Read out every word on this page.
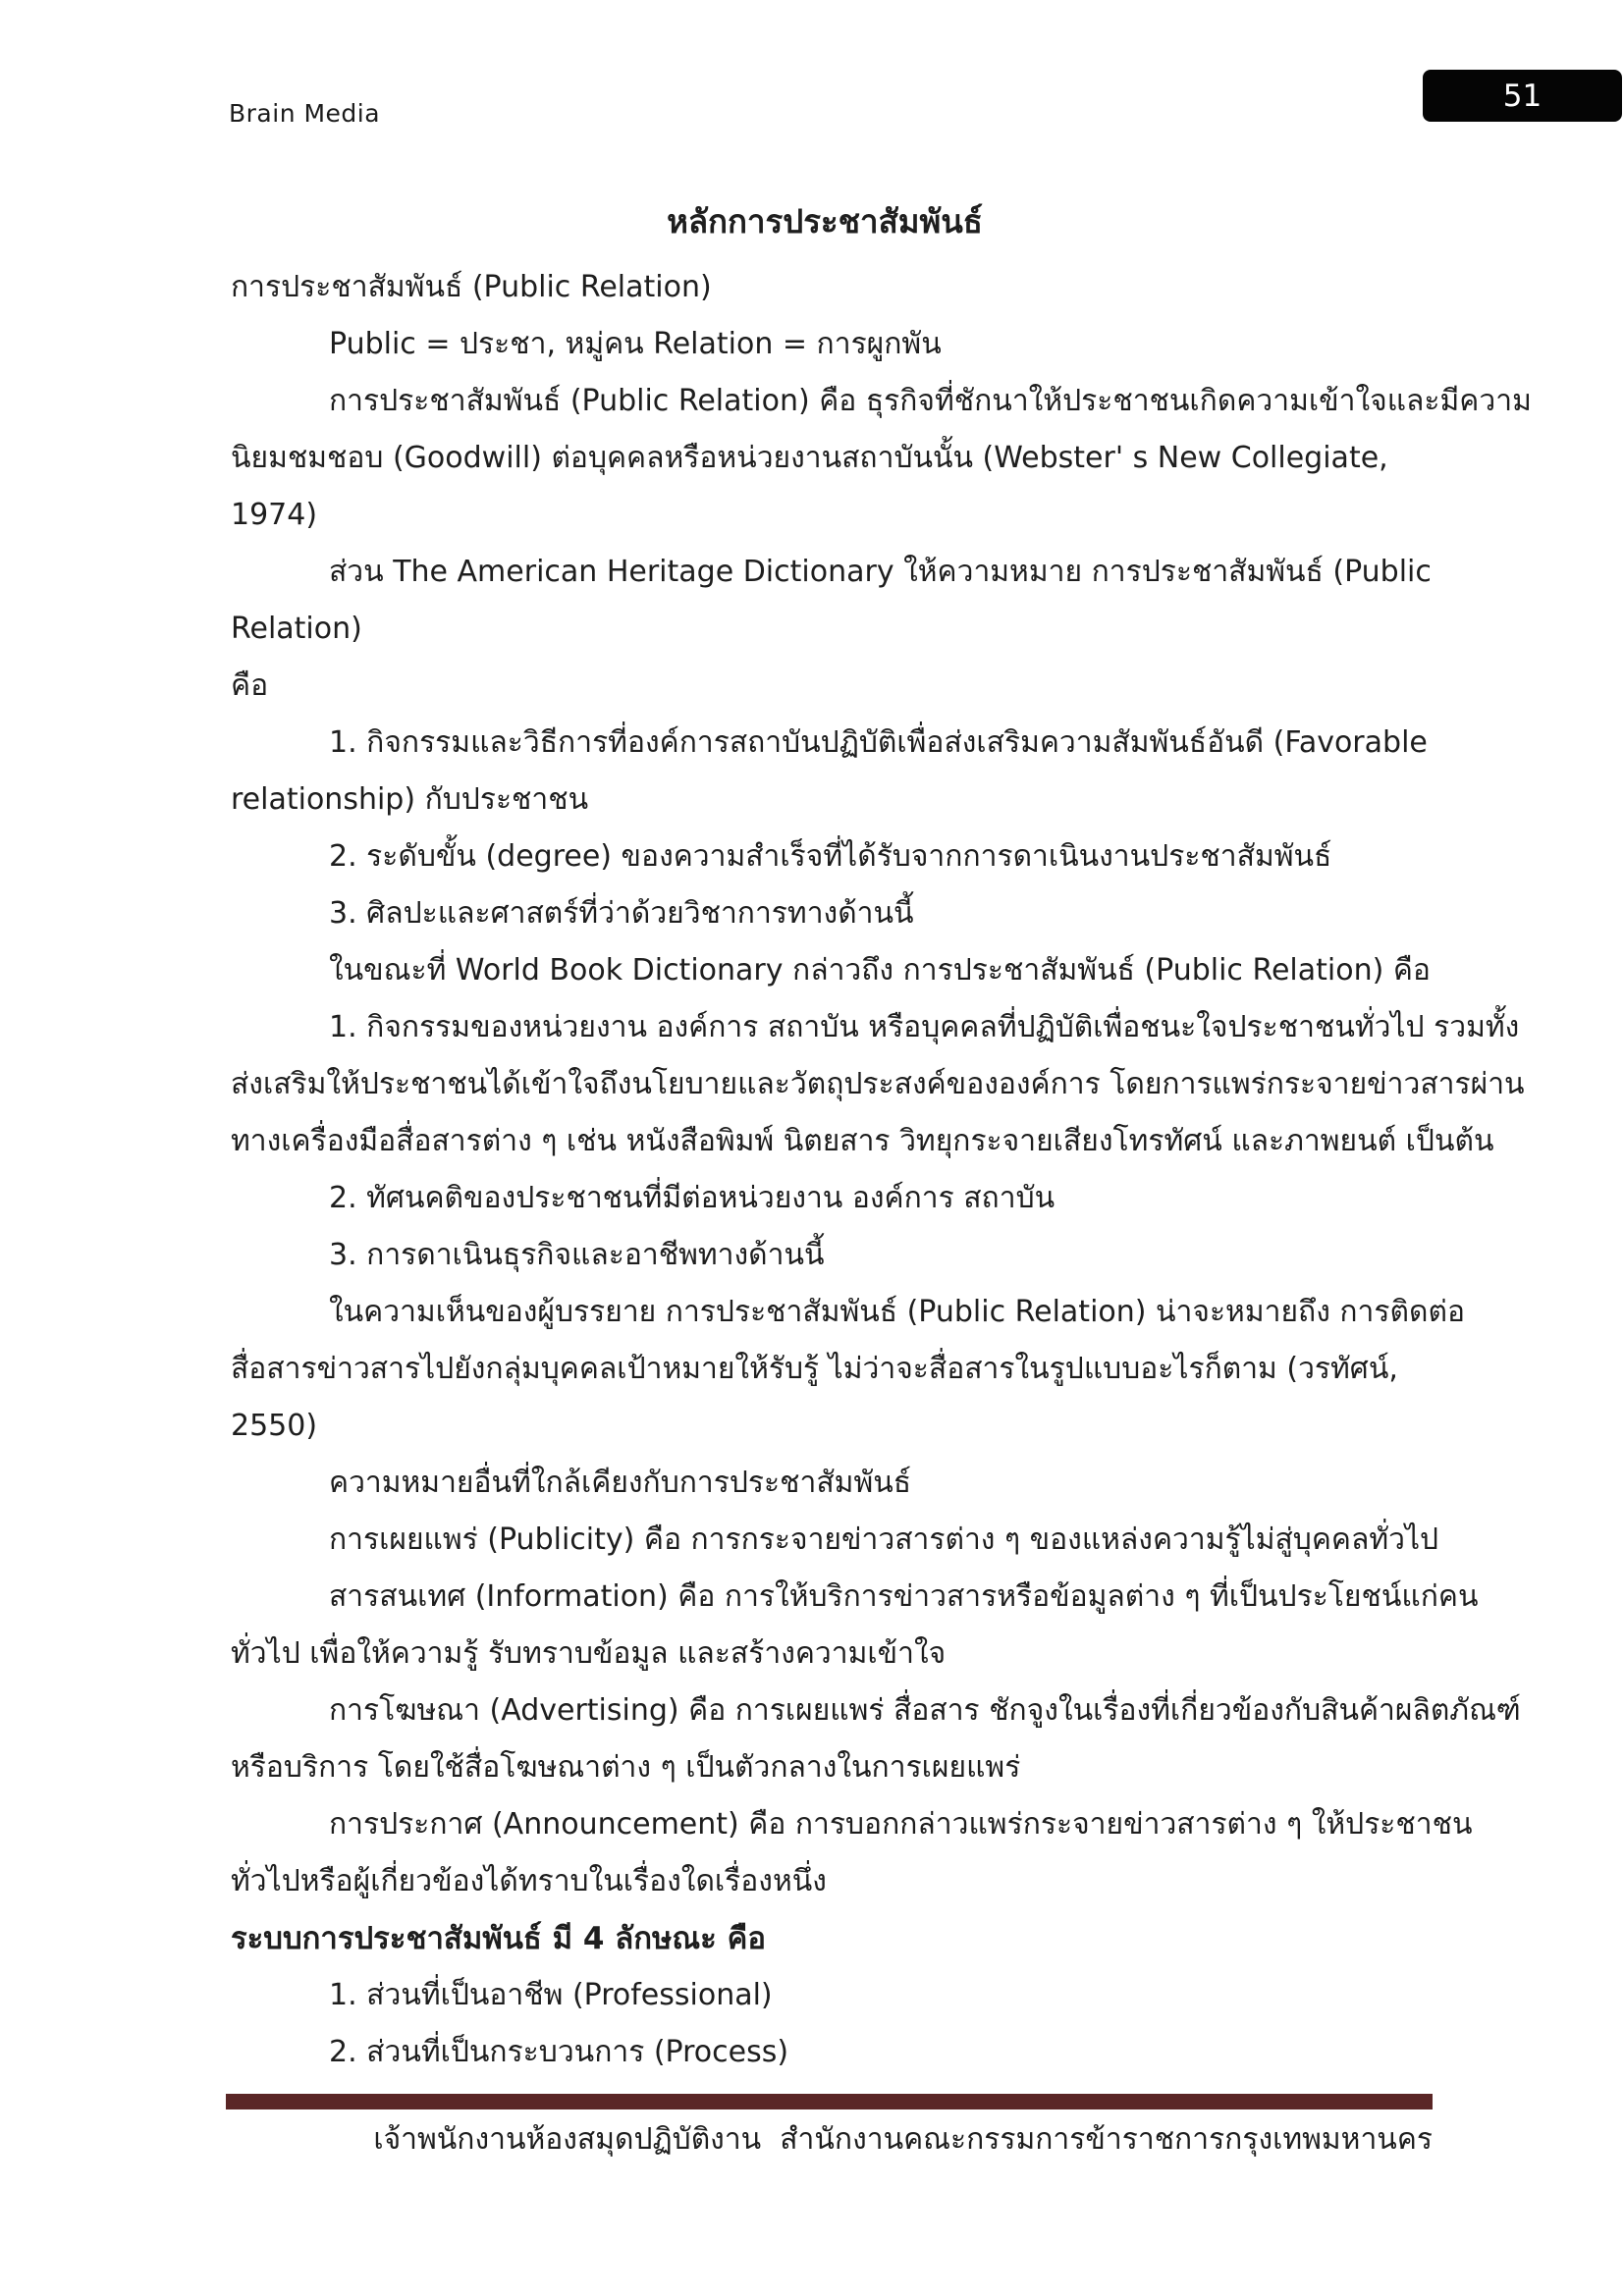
Brain Media	51
หลักการประชาสัมพันธ์
การประชาสัมพันธ์ (Public Relation)
Public = ประชา, หมู่คน Relation = การผูกพัน
การประชาสัมพันธ์ (Public Relation) คือ ธุรกิจที่ชักนาให้ประชาชนเกิดความเข้าใจและมีความ
นิยมชมชอบ (Goodwill) ต่อบุคคลหรือหน่วยงานสถาบันนั้น (Webster' s New Collegiate,
1974)
ส่วน The American Heritage Dictionary ให้ความหมาย การประชาสัมพันธ์ (Public
Relation)
คือ
1. กิจกรรมและวิธีการที่องค์การสถาบันปฏิบัติเพื่อส่งเสริมความสัมพันธ์อันดี (Favorable
relationship) กับประชาชน
2. ระดับขั้น (degree) ของความสำเร็จที่ได้รับจากการดาเนินงานประชาสัมพันธ์
3. ศิลปะและศาสตร์ที่ว่าด้วยวิชาการทางด้านนี้
ในขณะที่ World Book Dictionary กล่าวถึง การประชาสัมพันธ์ (Public Relation) คือ
1. กิจกรรมของหน่วยงาน องค์การ สถาบัน หรือบุคคลที่ปฏิบัติเพื่อชนะใจประชาชนทั่วไป รวมทั้ง
ส่งเสริมให้ประชาชนได้เข้าใจถึงนโยบายและวัตถุประสงค์ขององค์การ โดยการแพร่กระจายข่าวสารผ่าน
ทางเครื่องมือสื่อสารต่าง ๆ เช่น หนังสือพิมพ์ นิตยสาร วิทยุกระจายเสียงโทรทัศน์ และภาพยนต์ เป็นต้น
2. ทัศนคติของประชาชนที่มีต่อหน่วยงาน องค์การ สถาบัน
3. การดาเนินธุรกิจและอาชีพทางด้านนี้
ในความเห็นของผู้บรรยาย การประชาสัมพันธ์ (Public Relation) น่าจะหมายถึง การติดต่อ
สื่อสารข่าวสารไปยังกลุ่มบุคคลเป้าหมายให้รับรู้ ไม่ว่าจะสื่อสารในรูปแบบอะไรก็ตาม (วรทัศน์,
2550)
ความหมายอื่นที่ใกล้เคียงกับการประชาสัมพันธ์
การเผยแพร่ (Publicity) คือ การกระจายข่าวสารต่าง ๆ ของแหล่งความรู้ไม่สู่บุคคลทั่วไป
สารสนเทศ (Information) คือ การให้บริการข่าวสารหรือข้อมูลต่าง ๆ ที่เป็นประโยชน์แก่คน
ทั่วไป เพื่อให้ความรู้ รับทราบข้อมูล และสร้างความเข้าใจ
การโฆษณา (Advertising) คือ การเผยแพร่ สื่อสาร ชักจูงในเรื่องที่เกี่ยวข้องกับสินค้าผลิตภัณฑ์
หรือบริการ โดยใช้สื่อโฆษณาต่าง ๆ เป็นตัวกลางในการเผยแพร่
การประกาศ (Announcement) คือ การบอกกล่าวแพร่กระจายข่าวสารต่าง ๆ ให้ประชาชน
ทั่วไปหรือผู้เกี่ยวข้องได้ทราบในเรื่องใดเรื่องหนึ่ง
ระบบการประชาสัมพันธ์ มี 4 ลักษณะ คือ
1. ส่วนที่เป็นอาชีพ (Professional)
2. ส่วนที่เป็นกระบวนการ (Process)
เจ้าพนักงานห้องสมุดปฏิบัติงาน  สำนักงานคณะกรรมการข้าราชการกรุงเทพมหานคร
